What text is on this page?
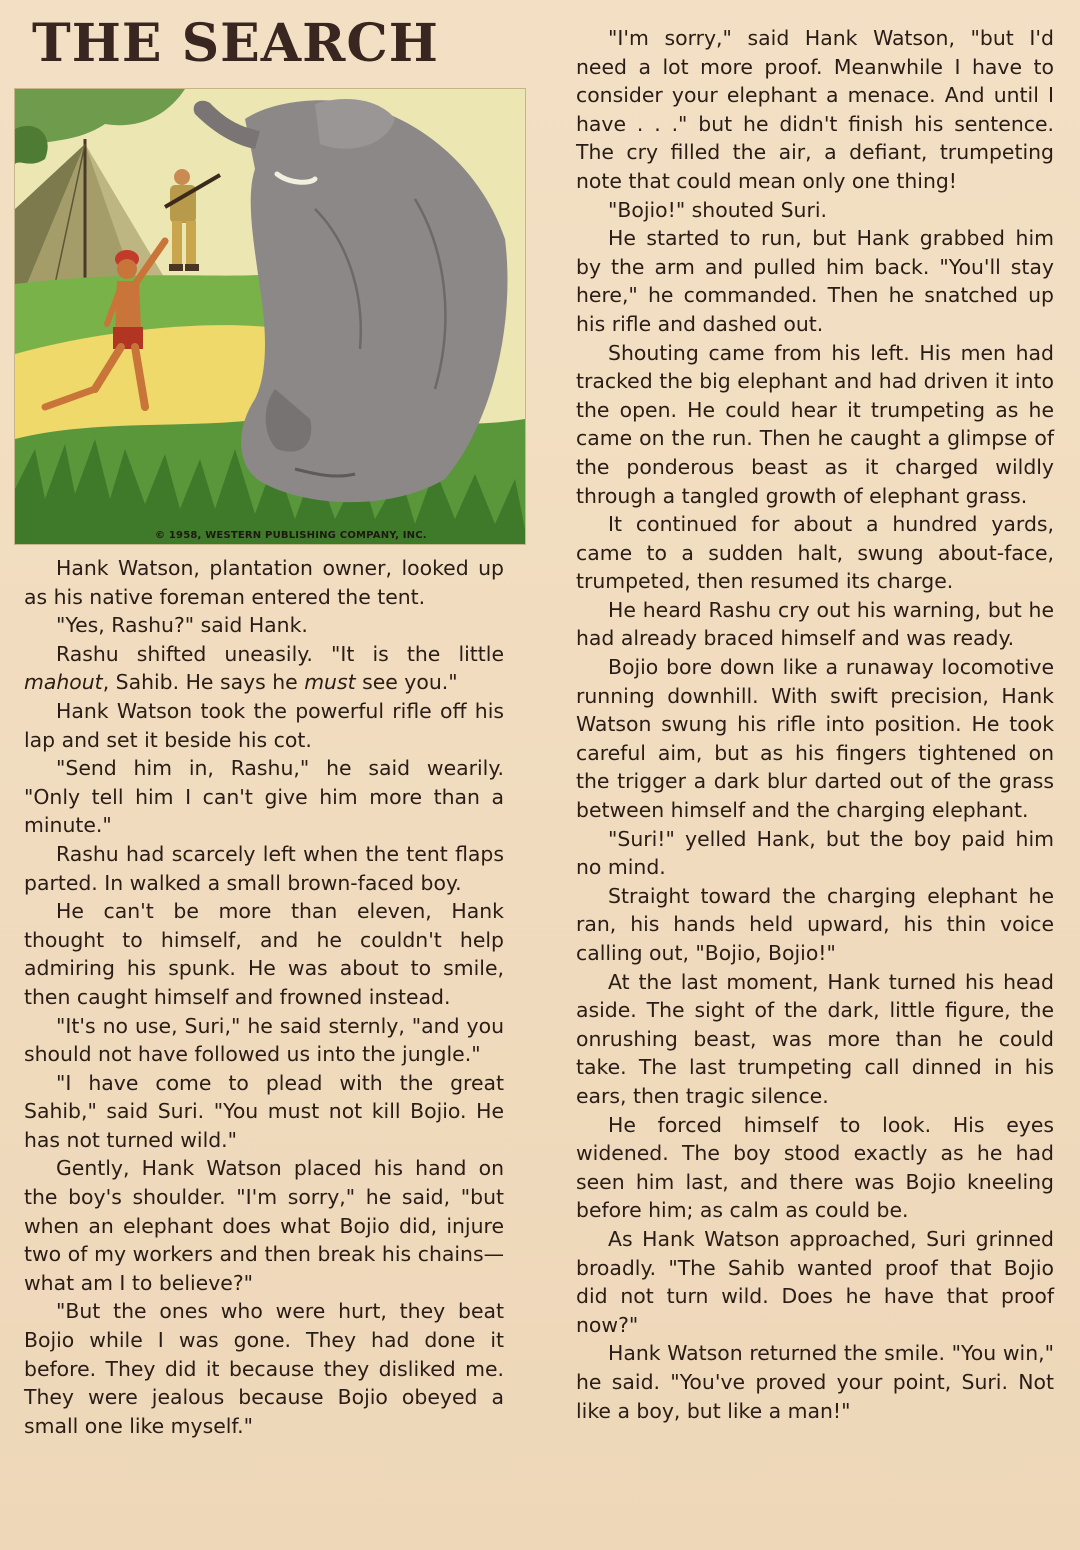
THE SEARCH
© 1958, WESTERN PUBLISHING COMPANY, INC.

Hank Watson, plantation owner, looked up as his native foreman entered the tent.

"Yes, Rashu?" said Hank.

Rashu shifted uneasily. "It is the little mahout, Sahib. He says he must see you."

Hank Watson took the powerful rifle off his lap and set it beside his cot.

"Send him in, Rashu," he said wearily. "Only tell him I can't give him more than a minute."

Rashu had scarcely left when the tent flaps parted. In walked a small brown-faced boy.

He can't be more than eleven, Hank thought to himself, and he couldn't help admiring his spunk. He was about to smile, then caught himself and frowned instead.

"It's no use, Suri," he said sternly, "and you should not have followed us into the jungle."

"I have come to plead with the great Sahib," said Suri. "You must not kill Bojio. He has not turned wild."

Gently, Hank Watson placed his hand on the boy's shoulder. "I'm sorry," he said, "but when an elephant does what Bojio did, injure two of my workers and then break his chains—what am I to believe?"

"But the ones who were hurt, they beat Bojio while I was gone. They had done it before. They did it because they disliked me. They were jealous because Bojio obeyed a small one like myself."

"I'm sorry," said Hank Watson, "but I'd need a lot more proof. Meanwhile I have to consider your elephant a menace. And until I have . . ." but he didn't finish his sentence. The cry filled the air, a defiant, trumpeting note that could mean only one thing!

"Bojio!" shouted Suri.

He started to run, but Hank grabbed him by the arm and pulled him back. "You'll stay here," he commanded. Then he snatched up his rifle and dashed out.

Shouting came from his left. His men had tracked the big elephant and had driven it into the open. He could hear it trumpeting as he came on the run. Then he caught a glimpse of the ponderous beast as it charged wildly through a tangled growth of elephant grass.

It continued for about a hundred yards, came to a sudden halt, swung about-face, trumpeted, then resumed its charge.

He heard Rashu cry out his warning, but he had already braced himself and was ready.

Bojio bore down like a runaway locomotive running downhill. With swift precision, Hank Watson swung his rifle into position. He took careful aim, but as his fingers tightened on the trigger a dark blur darted out of the grass between himself and the charging elephant.

"Suri!" yelled Hank, but the boy paid him no mind.

Straight toward the charging elephant he ran, his hands held upward, his thin voice calling out, "Bojio, Bojio!"

At the last moment, Hank turned his head aside. The sight of the dark, little figure, the onrushing beast, was more than he could take. The last trumpeting call dinned in his ears, then tragic silence.

He forced himself to look. His eyes widened. The boy stood exactly as he had seen him last, and there was Bojio kneeling before him; as calm as could be.

As Hank Watson approached, Suri grinned broadly. "The Sahib wanted proof that Bojio did not turn wild. Does he have that proof now?"

Hank Watson returned the smile. "You win," he said. "You've proved your point, Suri. Not like a boy, but like a man!"
